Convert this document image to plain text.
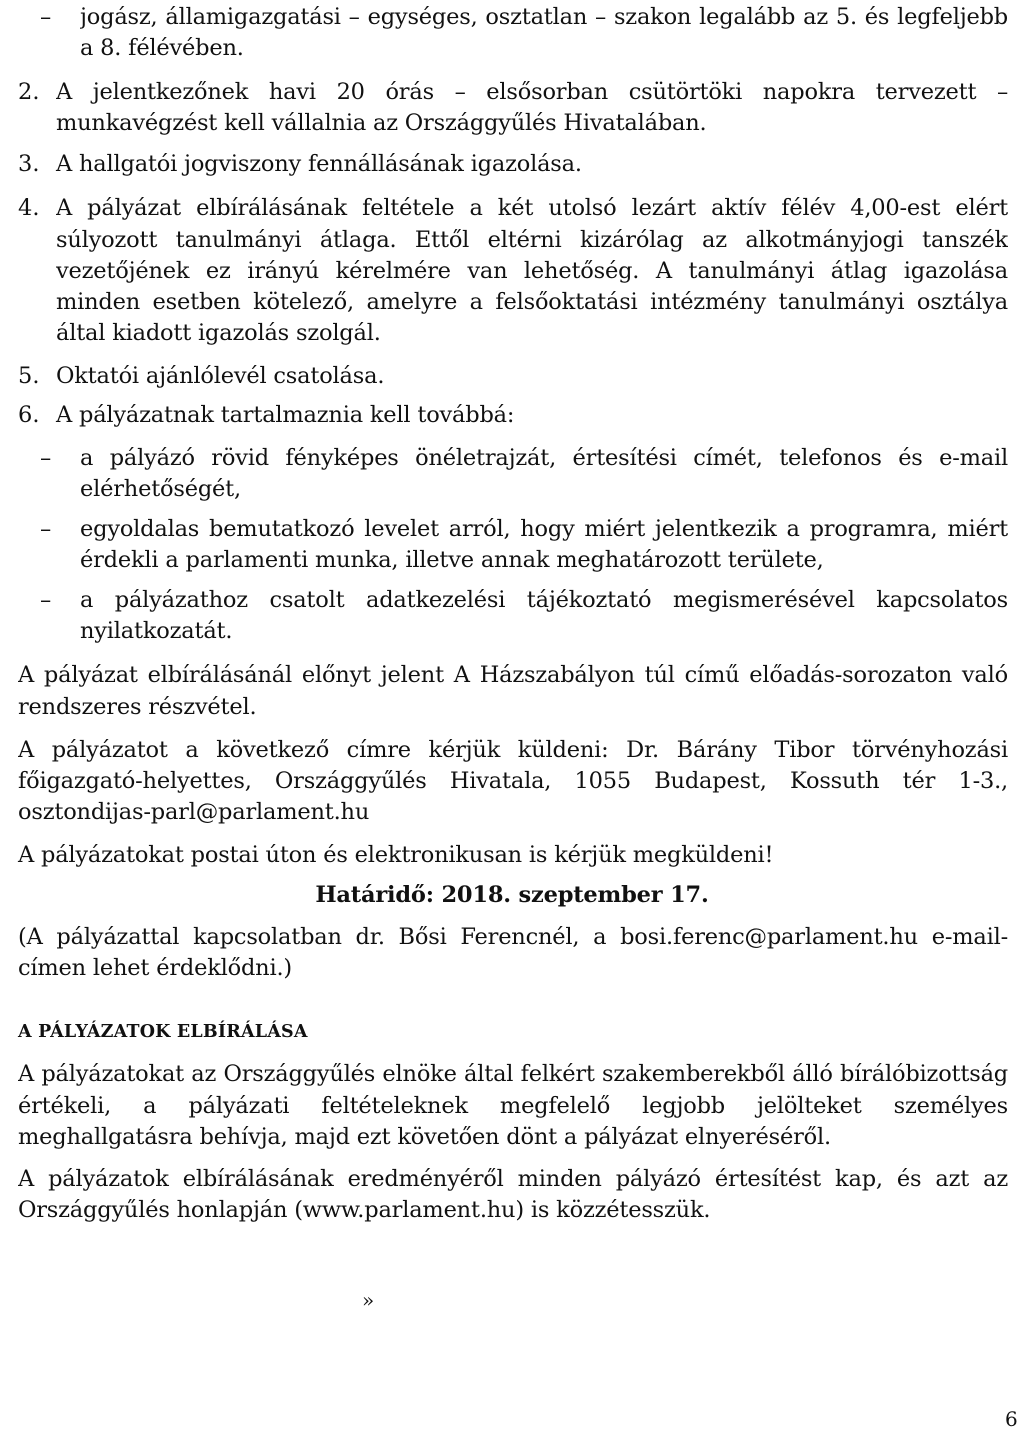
– jogász, államigazgatási – egységes, osztatlan – szakon legalább az 5. és legfeljebb
a 8. félévében.
2. A jelentkezőnek havi 20 órás – elsősorban csütörtöki napokra tervezett –
munkavégzést kell vállalnia az Országgyűlés Hivatalában.
3. A hallgatói jogviszony fennállásának igazolása.
4. A pályázat elbírálásának feltétele a két utolsó lezárt aktív félév 4,00-est elért
súlyozott tanulmányi átlaga. Ettől eltérni kizárólag az alkotmányjogi tanszék
vezetőjének ez irányú kérelmére van lehetőség. A tanulmányi átlag igazolása
minden esetben kötelező, amelyre a felsőoktatási intézmény tanulmányi osztálya
által kiadott igazolás szolgál.
5. Oktatói ajánlólevél csatolása.
6. A pályázatnak tartalmaznia kell továbbá:
– a pályázó rövid fényképes önéletrajzát, értesítési címét, telefonos és e-mail
elérhetőségét,
– egyoldalas bemutatkozó levelet arról, hogy miért jelentkezik a programra, miért
érdekli a parlamenti munka, illetve annak meghatározott területe,
– a pályázathoz csatolt adatkezelési tájékoztató megismerésével kapcsolatos
nyilatkozatát.
A pályázat elbírálásánál előnyt jelent A Házszabályon túl című előadás-sorozaton való
rendszeres részvétel.
A pályázatot a következő címre kérjük küldeni: Dr. Bárány Tibor törvényhozási
főigazgató-helyettes, Országgyűlés Hivatala, 1055 Budapest, Kossuth tér 1-3.,
osztondijas-parl@parlament.hu
A pályázatokat postai úton és elektronikusan is kérjük megküldeni!
Határidő: 2018. szeptember 17.
(A pályázattal kapcsolatban dr. Bősi Ferencnél, a bosi.ferenc@parlament.hu e-mail-
címen lehet érdeklődni.)
A PÁLYÁZATOK ELBÍRÁLÁSA
A pályázatokat az Országgyűlés elnöke által felkért szakemberekből álló bírálóbizottság
értékeli, a pályázati feltételeknek megfelelő legjobb jelölteket személyes
meghallgatásra behívja, majd ezt követően dönt a pályázat elnyeréséről.
A pályázatok elbírálásának eredményéről minden pályázó értesítést kap, és azt az
Országgyűlés honlapján (www.parlament.hu) is közzétesszük.
»
6
